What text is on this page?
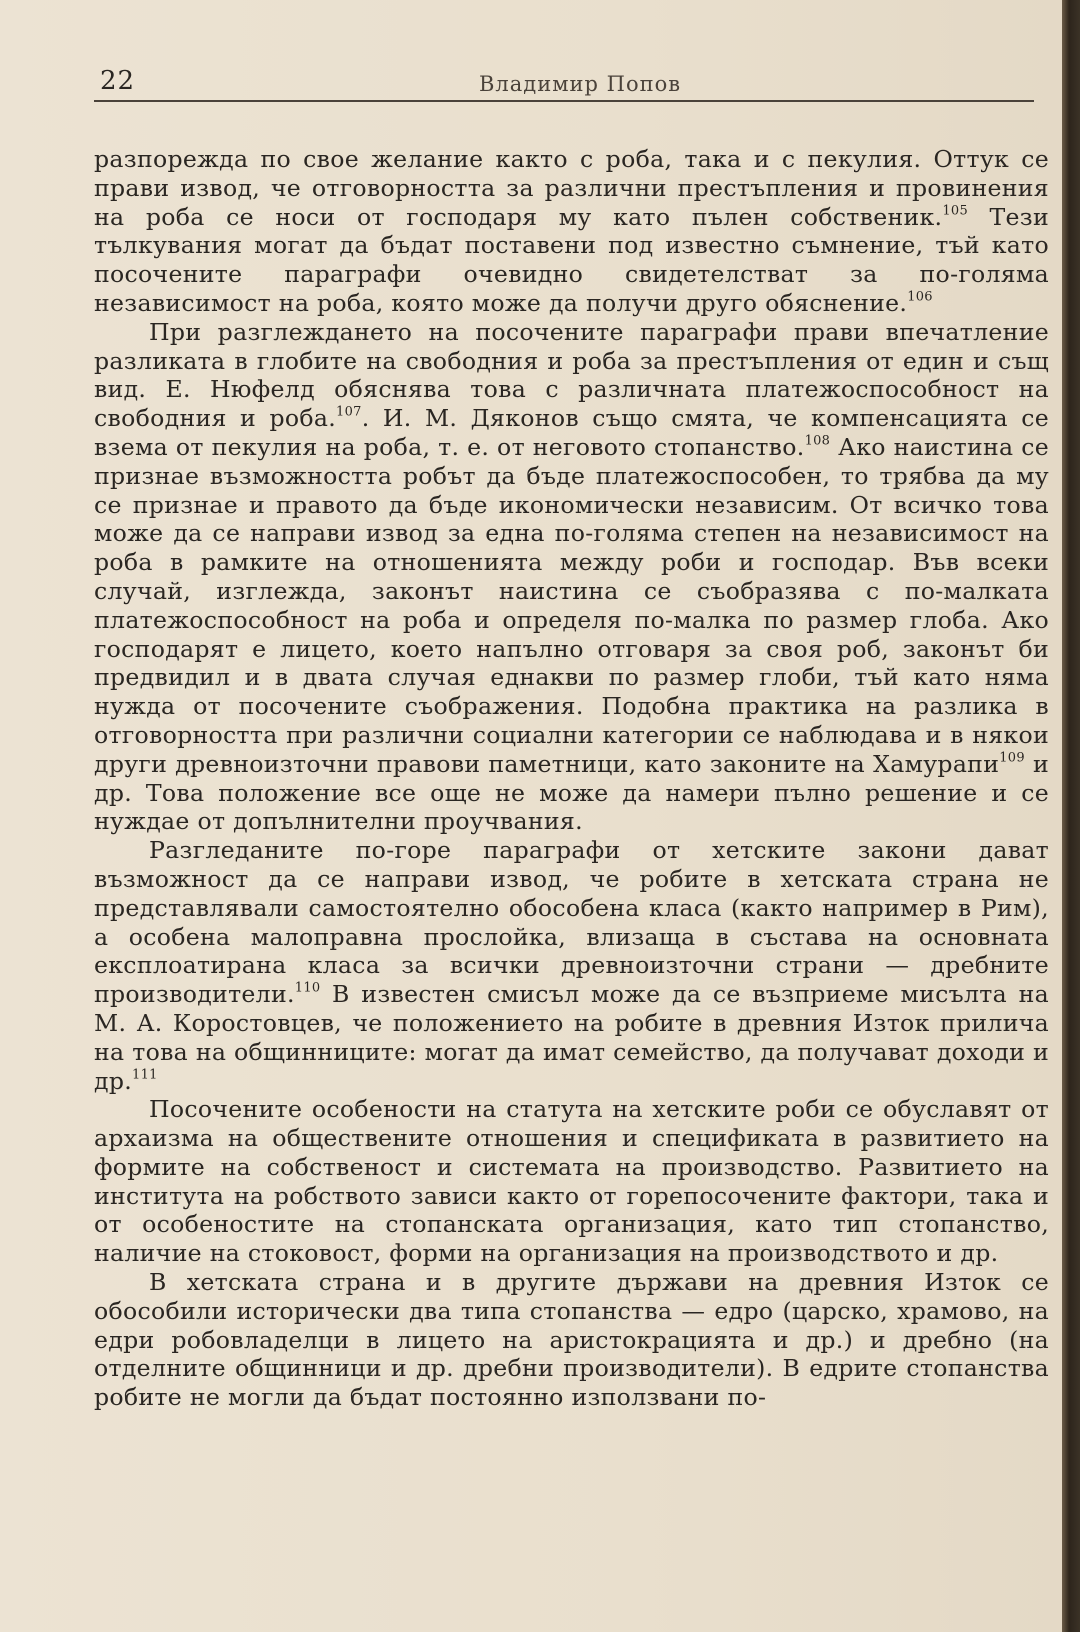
22	Владимир Попов

разпорежда по свое желание както с роба, така и с пекулия. Оттук се прави извод, че отговорността за различни престъпления и провинения на роба се носи от господаря му като пълен собственик.$^{105}$ Тези тълкувания могат да бъдат поставени под известно съмнение, тъй като посочените параграфи очевидно свидетелстват за по-голяма независимост на роба, която може да получи друго обяснение.$^{106}$

При разглеждането на посочените параграфи прави впечатление разликата в глобите на свободния и роба за престъпления от един и същ вид. Е. Нюфелд обяснява това с различната платежоспособност на свободния и роба.$^{107}$. И. М. Дяконов също смята, че компенсацията се взема от пекулия на роба, т. е. от неговото стопанство.$^{108}$ Ако наистина се признае възможността робът да бъде платежоспособен, то трябва да му се признае и правото да бъде икономически независим. От всичко това може да се направи извод за една по-голяма степен на независимост на роба в рамките на отношенията между роби и господар. Във всеки случай, изглежда, законът наистина се съобразява с по-малката платежоспособност на роба и определя по-малка по размер глоба. Ако господарят е лицето, което напълно отговаря за своя роб, законът би предвидил и в двата случая еднакви по размер глоби, тъй като няма нужда от посочените съображения. Подобна практика на разлика в отговорността при различни социални категории се наблюдава и в някои други древноизточни правови паметници, като законите на Хамурапи$^{109}$ и др. Това положение все още не може да намери пълно решение и се нуждае от допълнителни проучвания.

Разгледаните по-горе параграфи от хетските закони дават възможност да се направи извод, че робите в хетската страна не представлявали самостоятелно обособена класа (както например в Рим), а особена малоправна прослойка, влизаща в състава на основната експлоатирана класа за всички древноизточни страни — дребните производители.$^{110}$ В известен смисъл може да се възприеме мисълта на М. А. Коростовцев, че положението на робите в древния Изток прилича на това на общинниците: могат да имат семейство, да получават доходи и др.$^{111}$

Посочените особености на статута на хетските роби се обуславят от архаизма на обществените отношения и спецификата в развитието на формите на собственост и системата на производство. Развитието на института на робството зависи както от горепосочените фактори, така и от особеностите на стопанската организация, като тип стопанство, наличие на стоковост, форми на организация на производството и др.

В хетската страна и в другите държави на древния Изток се обособили исторически два типа стопанства — едро (царско, храмово, на едри робовладелци в лицето на аристокрацията и др.) и дребно (на отделните общинници и др. дребни производители). В едрите стопанства робите не могли да бъдат постоянно използвани по-
